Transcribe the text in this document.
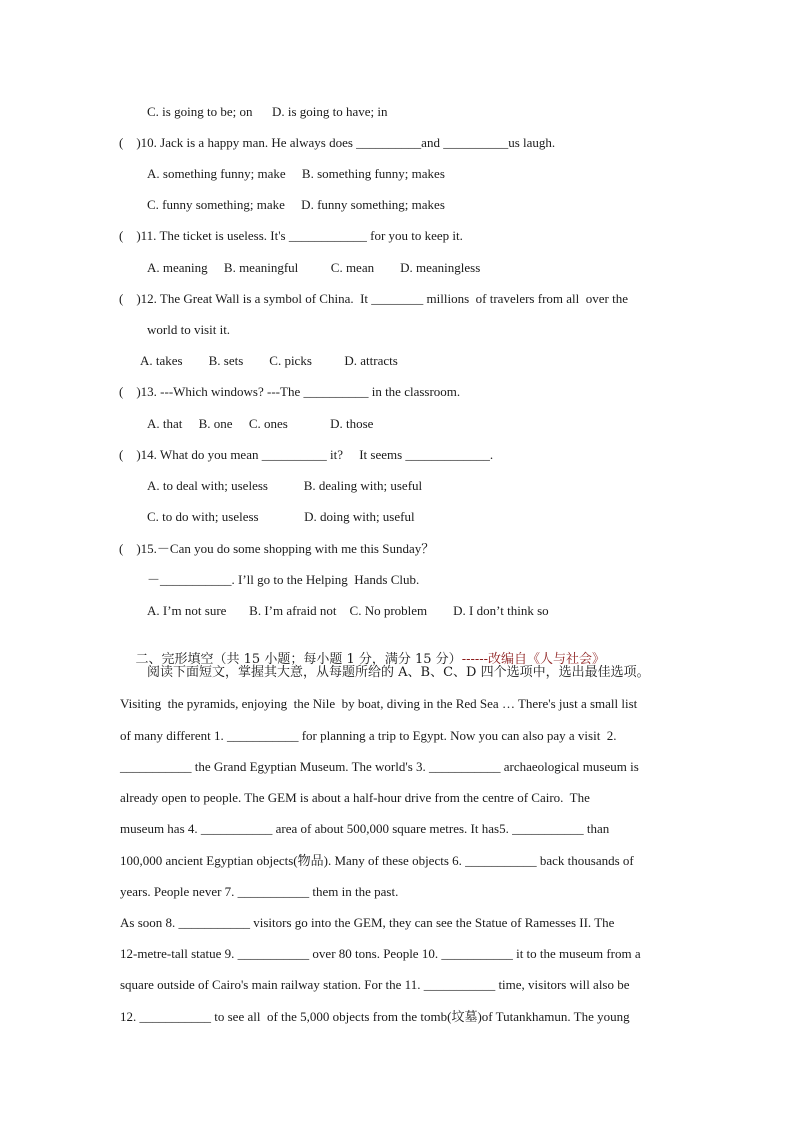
C. is going to be; on      D. is going to have; in
(    )10. Jack is a happy man. He always does __________and __________us laugh.
A. something funny; make     B. something funny; makes
C. funny something; make     D. funny something; makes
(    )11. The ticket is useless. It's ____________ for you to keep it.
A. meaning     B. meaningful          C. mean        D. meaningless
(    )12. The Great Wall is a symbol of China.  It ________ millions  of travelers from all  over the
world to visit it.
A. takes        B. sets        C. picks          D. attracts
(    )13. ---Which windows? ---The __________ in the classroom.
A. that     B. one     C. ones             D. those
(    )14. What do you mean __________ it?     It seems _____________.
A. to deal with; useless           B. dealing with; useful
C. to do with; useless              D. doing with; useful
(    )15.－Can you do some shopping with me this Sunday？
－___________. I’ll go to the Helping  Hands Club.
A. I’m not sure       B. I’m afraid not    C. No problem        D. I don’t think so

二、完形填空（共 15 小题；每小题 1 分，满分 15 分）------改编自《人与社会》

阅读下面短文，掌握其大意，从每题所给的 A、B、C、D 四个选项中，选出最佳选项。
Visiting  the pyramids, enjoying  the Nile  by boat, diving in the Red Sea … There's just a small list
of many different 1. ___________ for planning a trip to Egypt. Now you can also pay a visit  2.
___________ the Grand Egyptian Museum. The world's 3. ___________ archaeological museum is
already open to people. The GEM is about a half-hour drive from the centre of Cairo.  The
museum has 4. ___________ area of about 500,000 square metres. It has5. ___________ than
100,000 ancient Egyptian objects(物品). Many of these objects 6. ___________ back thousands of
years. People never 7. ___________ them in the past.
As soon 8. ___________ visitors go into the GEM, they can see the Statue of Ramesses II. The
12-metre-tall statue 9. ___________ over 80 tons. People 10. ___________ it to the museum from a
square outside of Cairo's main railway station. For the 11. ___________ time, visitors will also be
12. ___________ to see all  of the 5,000 objects from the tomb(坟墓)of Tutankhamun. The young
